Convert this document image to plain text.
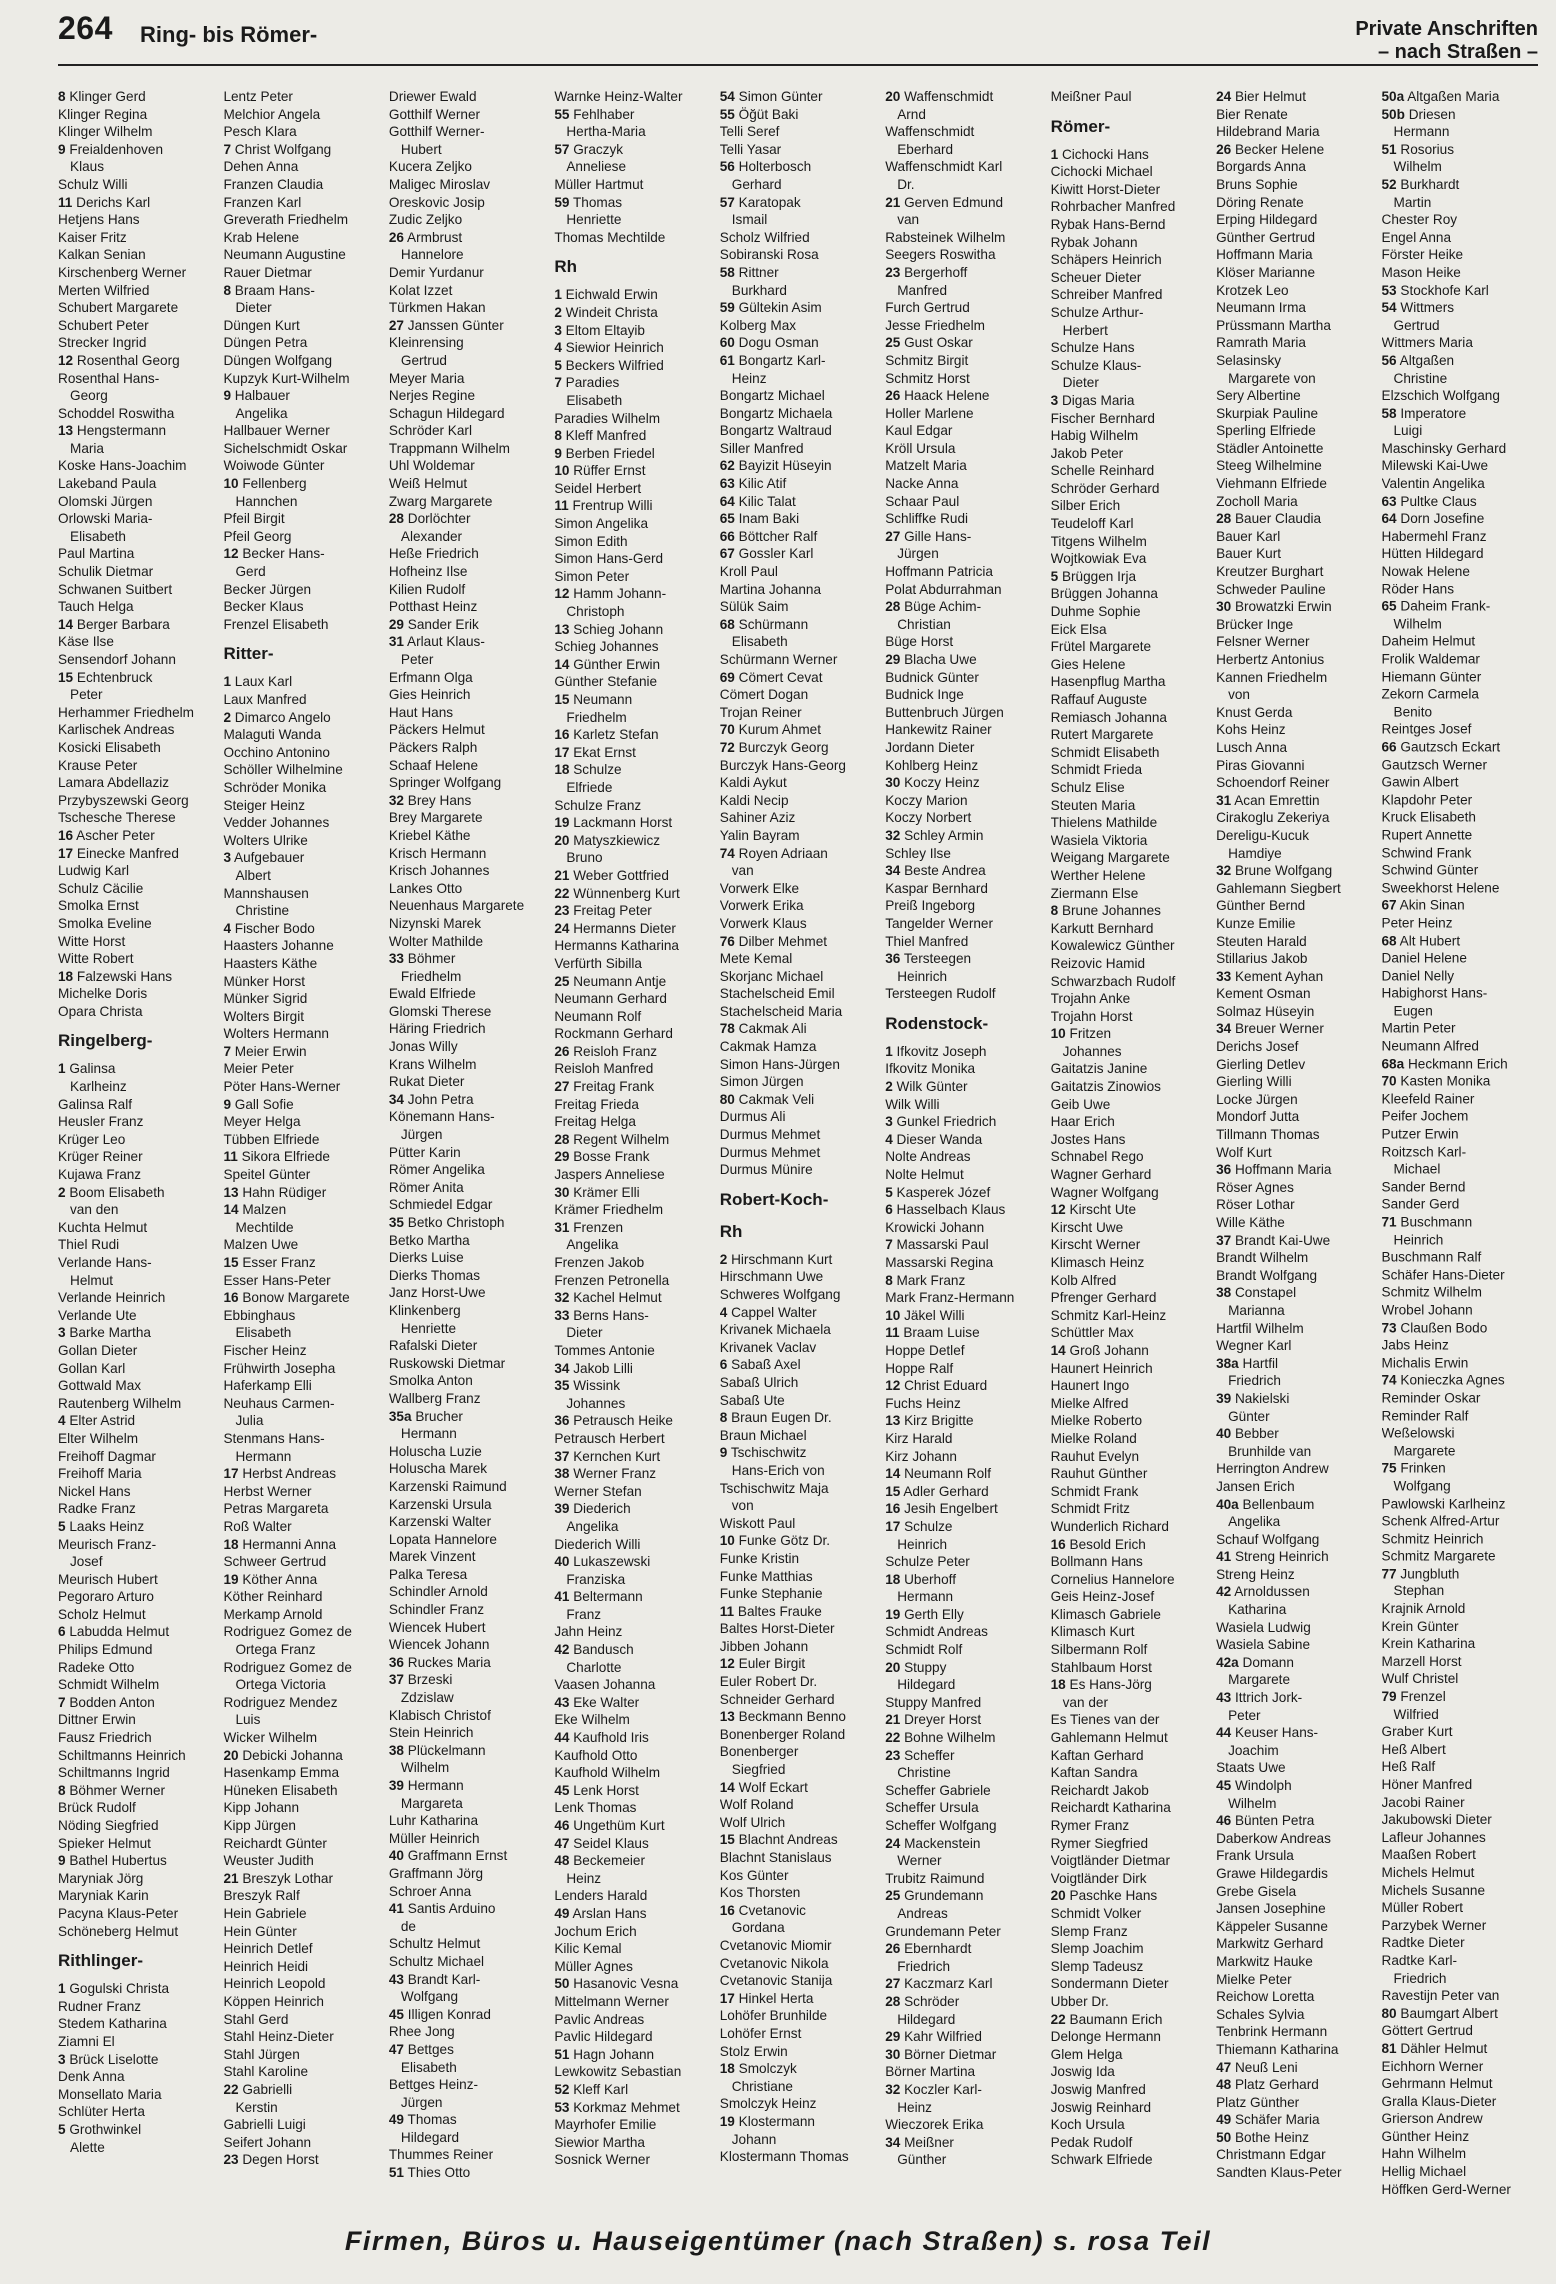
264 Ring- bis Römer-	Private Anschriften
– nach Straßen –
8 Klinger Gerd
Klinger Regina
Klinger Wilhelm
9 Freialdenhoven
Klaus
Schulz Willi
11 Derichs Karl
Hetjens Hans
Kaiser Fritz
Kalkan Senian
Kirschenberg Werner
Merten Wilfried
Schubert Margarete
Schubert Peter
Strecker Ingrid
12 Rosenthal Georg
Rosenthal Hans-
Georg
Schoddel Roswitha
13 Hengstermann
Maria
Koske Hans-Joachim
Lakeband Paula
Olomski Jürgen
Orlowski Maria-
Elisabeth
Paul Martina
Schulik Dietmar
Schwanen Suitbert
Tauch Helga
14 Berger Barbara
Käse Ilse
Sensendorf Johann
15 Echtenbruck
Peter
Herhammer Friedhelm
Karlischek Andreas
Kosicki Elisabeth
Krause Peter
Lamara Abdellaziz
Przybyszewski Georg
Tschesche Therese
16 Ascher Peter
17 Einecke Manfred
Ludwig Karl
Schulz Cäcilie
Smolka Ernst
Smolka Eveline
Witte Horst
Witte Robert
18 Falzewski Hans
Michelke Doris
Opara Christa
Ringelberg-
1 Galinsa
Karlheinz
Galinsa Ralf
Heusler Franz
Krüger Leo
Krüger Reiner
Kujawa Franz
2 Boom Elisabeth
van den
Kuchta Helmut
Thiel Rudi
Verlande Hans-
Helmut
Verlande Heinrich
Verlande Ute
3 Barke Martha
Gollan Dieter
Gollan Karl
Gottwald Max
Rautenberg Wilhelm
4 Elter Astrid
Elter Wilhelm
Freihoff Dagmar
Freihoff Maria
Nickel Hans
Radke Franz
5 Laaks Heinz
Meurisch Franz-
Josef
Meurisch Hubert
Pegoraro Arturo
Scholz Helmut
6 Labudda Helmut
Philips Edmund
Radeke Otto
Schmidt Wilhelm
7 Bodden Anton
Dittner Erwin
Fausz Friedrich
Schiltmanns Heinrich
Schiltmanns Ingrid
8 Böhmer Werner
Brück Rudolf
Nöding Siegfried
Spieker Helmut
9 Bathel Hubertus
Maryniak Jörg
Maryniak Karin
Pacyna Klaus-Peter
Schöneberg Helmut
Rithlinger-
1 Gogulski Christa
Rudner Franz
Stedem Katharina
Ziamni El
3 Brück Liselotte
Denk Anna
Monsellato Maria
Schlüter Herta
5 Grothwinkel
Alette
Lentz Peter
Melchior Angela
Pesch Klara
7 Christ Wolfgang
Dehen Anna
Franzen Claudia
Franzen Karl
Greverath Friedhelm
Krab Helene
Neumann Augustine
Rauer Dietmar
8 Braam Hans-
Dieter
Düngen Kurt
Düngen Petra
Düngen Wolfgang
Kupzyk Kurt-Wilhelm
9 Halbauer
Angelika
Hallbauer Werner
Sichelschmidt Oskar
Woiwode Günter
10 Fellenberg
Hannchen
Pfeil Birgit
Pfeil Georg
12 Becker Hans-
Gerd
Becker Jürgen
Becker Klaus
Frenzel Elisabeth
Ritter-
1 Laux Karl
Laux Manfred
2 Dimarco Angelo
Malaguti Wanda
Occhino Antonino
Schöller Wilhelmine
Schröder Monika
Steiger Heinz
Vedder Johannes
Wolters Ulrike
3 Aufgebauer
Albert
Mannshausen
Christine
4 Fischer Bodo
Haasters Johanne
Haasters Käthe
Münker Horst
Münker Sigrid
Wolters Birgit
Wolters Hermann
7 Meier Erwin
Meier Peter
Pöter Hans-Werner
9 Gall Sofie
Meyer Helga
Tübben Elfriede
11 Sikora Elfriede
Speitel Günter
13 Hahn Rüdiger
14 Malzen
Mechtilde
Malzen Uwe
15 Esser Franz
Esser Hans-Peter
16 Bonow Margarete
Ebbinghaus
Elisabeth
Fischer Heinz
Frühwirth Josepha
Haferkamp Elli
Neuhaus Carmen-
Julia
Stenmans Hans-
Hermann
17 Herbst Andreas
Herbst Werner
Petras Margareta
Roß Walter
18 Hermanni Anna
Schweer Gertrud
19 Köther Anna
Köther Reinhard
Merkamp Arnold
Rodriguez Gomez de
Ortega Franz
Rodriguez Gomez de
Ortega Victoria
Rodriguez Mendez
Luis
Wicker Wilhelm
20 Debicki Johanna
Hasenkamp Emma
Hüneken Elisabeth
Kipp Johann
Kipp Jürgen
Reichardt Günter
Weuster Judith
21 Breszyk Lothar
Breszyk Ralf
Hein Gabriele
Hein Günter
Heinrich Detlef
Heinrich Heidi
Heinrich Leopold
Köppen Heinrich
Stahl Gerd
Stahl Heinz-Dieter
Stahl Jürgen
Stahl Karoline
22 Gabrielli
Kerstin
Gabrielli Luigi
Seifert Johann
23 Degen Horst
Driewer Ewald
Gotthilf Werner
Gotthilf Werner-
Hubert
Kucera Zeljko
Maligec Miroslav
Oreskovic Josip
Zudic Zeljko
26 Armbrust
Hannelore
Demir Yurdanur
Kolat Izzet
Türkmen Hakan
27 Janssen Günter
Kleinrensing
Gertrud
Meyer Maria
Nerjes Regine
Schagun Hildegard
Schröder Karl
Trappmann Wilhelm
Uhl Woldemar
Weiß Helmut
Zwarg Margarete
28 Dorlöchter
Alexander
Heße Friedrich
Hofheinz Ilse
Kilien Rudolf
Potthast Heinz
29 Sander Erik
31 Arlaut Klaus-
Peter
Erfmann Olga
Gies Heinrich
Haut Hans
Päckers Helmut
Päckers Ralph
Schaaf Helene
Springer Wolfgang
32 Brey Hans
Brey Margarete
Kriebel Käthe
Krisch Hermann
Krisch Johannes
Lankes Otto
Neuenhaus Margarete
Nizynski Marek
Wolter Mathilde
33 Böhmer
Friedhelm
Ewald Elfriede
Glomski Therese
Häring Friedrich
Jonas Willy
Krans Wilhelm
Rukat Dieter
34 John Petra
Könemann Hans-
Jürgen
Pütter Karin
Römer Angelika
Römer Anita
Schmiedel Edgar
35 Betko Christoph
Betko Martha
Dierks Luise
Dierks Thomas
Janz Horst-Uwe
Klinkenberg
Henriette
Rafalski Dieter
Ruskowski Dietmar
Smolka Anton
Wallberg Franz
35a Brucher
Hermann
Holuscha Luzie
Holuscha Marek
Karzenski Raimund
Karzenski Ursula
Karzenski Walter
Lopata Hannelore
Marek Vinzent
Palka Teresa
Schindler Arnold
Schindler Franz
Wiencek Hubert
Wiencek Johann
36 Ruckes Maria
37 Brzeski
Zdzislaw
Klabisch Christof
Stein Heinrich
38 Plückelmann
Wilhelm
39 Hermann
Margareta
Luhr Katharina
Müller Heinrich
40 Graffmann Ernst
Graffmann Jörg
Schroer Anna
41 Santis Arduino
de
Schultz Helmut
Schultz Michael
43 Brandt Karl-
Wolfgang
45 Illigen Konrad
Rhee Jong
47 Bettges
Elisabeth
Bettges Heinz-
Jürgen
49 Thomas
Hildegard
Thummes Reiner
51 Thies Otto
Warnke Heinz-Walter
55 Fehlhaber
Hertha-Maria
57 Graczyk
Anneliese
Müller Hartmut
59 Thomas
Henriette
Thomas Mechtilde
Rh
1 Eichwald Erwin
2 Windeit Christa
3 Eltom Eltayib
4 Siewior Heinrich
5 Beckers Wilfried
7 Paradies
Elisabeth
Paradies Wilhelm
8 Kleff Manfred
9 Berben Friedel
10 Rüffer Ernst
Seidel Herbert
11 Frentrup Willi
Simon Angelika
Simon Edith
Simon Hans-Gerd
Simon Peter
12 Hamm Johann-
Christoph
13 Schieg Johann
Schieg Johannes
14 Günther Erwin
Günther Stefanie
15 Neumann
Friedhelm
16 Karletz Stefan
17 Ekat Ernst
18 Schulze
Elfriede
Schulze Franz
19 Lackmann Horst
20 Matyszkiewicz
Bruno
21 Weber Gottfried
22 Wünnenberg Kurt
23 Freitag Peter
24 Hermanns Dieter
Hermanns Katharina
Verfürth Sibilla
25 Neumann Antje
Neumann Gerhard
Neumann Rolf
Rockmann Gerhard
26 Reisloh Franz
Reisloh Manfred
27 Freitag Frank
Freitag Frieda
Freitag Helga
28 Regent Wilhelm
29 Bosse Frank
Jaspers Anneliese
30 Krämer Elli
Krämer Friedhelm
31 Frenzen
Angelika
Frenzen Jakob
Frenzen Petronella
32 Kachel Helmut
33 Berns Hans-
Dieter
Tommes Antonie
34 Jakob Lilli
35 Wissink
Johannes
36 Petrausch Heike
Petrausch Herbert
37 Kernchen Kurt
38 Werner Franz
Werner Stefan
39 Diederich
Angelika
Diederich Willi
40 Lukaszewski
Franziska
41 Beltermann
Franz
Jahn Heinz
42 Bandusch
Charlotte
Vaasen Johanna
43 Eke Walter
Eke Wilhelm
44 Kaufhold Iris
Kaufhold Otto
Kaufhold Wilhelm
45 Lenk Horst
Lenk Thomas
46 Ungethüm Kurt
47 Seidel Klaus
48 Beckemeier
Heinz
Lenders Harald
49 Arslan Hans
Jochum Erich
Kilic Kemal
Müller Agnes
50 Hasanovic Vesna
Mittelmann Werner
Pavlic Andreas
Pavlic Hildegard
51 Hagn Johann
Lewkowitz Sebastian
52 Kleff Karl
53 Korkmaz Mehmet
Mayrhofer Emilie
Siewior Martha
Sosnick Werner
54 Simon Günter
55 Öğüt Baki
Telli Seref
Telli Yasar
56 Holterbosch
Gerhard
57 Karatopak
Ismail
Scholz Wilfried
Sobiranski Rosa
58 Rittner
Burkhard
59 Gültekin Asim
Kolberg Max
60 Dogu Osman
61 Bongartz Karl-
Heinz
Bongartz Michael
Bongartz Michaela
Bongartz Waltraud
Siller Manfred
62 Bayizit Hüseyin
63 Kilic Atif
64 Kilic Talat
65 Inam Baki
66 Böttcher Ralf
67 Gossler Karl
Kroll Paul
Martina Johanna
Sülük Saim
68 Schürmann
Elisabeth
Schürmann Werner
69 Cömert Cevat
Cömert Dogan
Trojan Reiner
70 Kurum Ahmet
72 Burczyk Georg
Burczyk Hans-Georg
Kaldi Aykut
Kaldi Necip
Sahiner Aziz
Yalin Bayram
74 Royen Adriaan
van
Vorwerk Elke
Vorwerk Erika
Vorwerk Klaus
76 Dilber Mehmet
Mete Kemal
Skorjanc Michael
Stachelscheid Emil
Stachelscheid Maria
78 Cakmak Ali
Cakmak Hamza
Simon Hans-Jürgen
Simon Jürgen
80 Cakmak Veli
Durmus Ali
Durmus Mehmet
Durmus Mehmet
Durmus Münire
Robert-Koch-
Rh
2 Hirschmann Kurt
Hirschmann Uwe
Schweres Wolfgang
4 Cappel Walter
Krivanek Michaela
Krivanek Vaclav
6 Sabaß Axel
Sabaß Ulrich
Sabaß Ute
8 Braun Eugen Dr.
Braun Michael
9 Tschischwitz
Hans-Erich von
Tschischwitz Maja
von
Wiskott Paul
10 Funke Götz Dr.
Funke Kristin
Funke Matthias
Funke Stephanie
11 Baltes Frauke
Baltes Horst-Dieter
Jibben Johann
12 Euler Birgit
Euler Robert Dr.
Schneider Gerhard
13 Beckmann Benno
Bonenberger Roland
Bonenberger
Siegfried
14 Wolf Eckart
Wolf Roland
Wolf Ulrich
15 Blachnt Andreas
Blachnt Stanislaus
Kos Günter
Kos Thorsten
16 Cvetanovic
Gordana
Cvetanovic Miomir
Cvetanovic Nikola
Cvetanovic Stanija
17 Hinkel Herta
Lohöfer Brunhilde
Lohöfer Ernst
Stolz Erwin
18 Smolczyk
Christiane
Smolczyk Heinz
19 Klostermann
Johann
Klostermann Thomas
20 Waffenschmidt
Arnd
Waffenschmidt
Eberhard
Waffenschmidt Karl
Dr.
21 Gerven Edmund
van
Rabsteinek Wilhelm
Seegers Roswitha
23 Bergerhoff
Manfred
Furch Gertrud
Jesse Friedhelm
25 Gust Oskar
Schmitz Birgit
Schmitz Horst
26 Haack Helene
Holler Marlene
Kaul Edgar
Kröll Ursula
Matzelt Maria
Nacke Anna
Schaar Paul
Schliffke Rudi
27 Gille Hans-
Jürgen
Hoffmann Patricia
Polat Abdurrahman
28 Büge Achim-
Christian
Büge Horst
29 Blacha Uwe
Budnick Günter
Budnick Inge
Buttenbruch Jürgen
Hankewitz Rainer
Jordann Dieter
Kohlberg Heinz
30 Koczy Heinz
Koczy Marion
Koczy Norbert
32 Schley Armin
Schley Ilse
34 Beste Andrea
Kaspar Bernhard
Preiß Ingeborg
Tangelder Werner
Thiel Manfred
36 Tersteegen
Heinrich
Tersteegen Rudolf
Rodenstock-
1 Ifkovitz Joseph
Ifkovitz Monika
2 Wilk Günter
Wilk Willi
3 Gunkel Friedrich
4 Dieser Wanda
Nolte Andreas
Nolte Helmut
5 Kasperek Józef
6 Hasselbach Klaus
Krowicki Johann
7 Massarski Paul
Massarski Regina
8 Mark Franz
Mark Franz-Hermann
10 Jäkel Willi
11 Braam Luise
Hoppe Detlef
Hoppe Ralf
12 Christ Eduard
Fuchs Heinz
13 Kirz Brigitte
Kirz Harald
Kirz Johann
14 Neumann Rolf
15 Adler Gerhard
16 Jesih Engelbert
17 Schulze
Heinrich
Schulze Peter
18 Uberhoff
Hermann
19 Gerth Elly
Schmidt Andreas
Schmidt Rolf
20 Stuppy
Hildegard
Stuppy Manfred
21 Dreyer Horst
22 Bohne Wilhelm
23 Scheffer
Christine
Scheffer Gabriele
Scheffer Ursula
Scheffer Wolfgang
24 Mackenstein
Werner
Trubitz Raimund
25 Grundemann
Andreas
Grundemann Peter
26 Ebernhardt
Friedrich
27 Kaczmarz Karl
28 Schröder
Hildegard
29 Kahr Wilfried
30 Börner Dietmar
Börner Martina
32 Koczler Karl-
Heinz
Wieczorek Erika
34 Meißner
Günther
Meißner Paul
Römer-
1 Cichocki Hans
Cichocki Michael
Kiwitt Horst-Dieter
Rohrbacher Manfred
Rybak Hans-Bernd
Rybak Johann
Schäpers Heinrich
Scheuer Dieter
Schreiber Manfred
Schulze Arthur-
Herbert
Schulze Hans
Schulze Klaus-
Dieter
3 Digas Maria
Fischer Bernhard
Habig Wilhelm
Jakob Peter
Schelle Reinhard
Schröder Gerhard
Silber Erich
Teudeloff Karl
Titgens Wilhelm
Wojtkowiak Eva
5 Brüggen Irja
Brüggen Johanna
Duhme Sophie
Eick Elsa
Frütel Margarete
Gies Helene
Hasenpflug Martha
Raffauf Auguste
Remiasch Johanna
Rutert Margarete
Schmidt Elisabeth
Schmidt Frieda
Schulz Elise
Steuten Maria
Thielens Mathilde
Wasiela Viktoria
Weigang Margarete
Werther Helene
Ziermann Else
8 Brune Johannes
Karkutt Bernhard
Kowalewicz Günther
Reizovic Hamid
Schwarzbach Rudolf
Trojahn Anke
Trojahn Horst
10 Fritzen
Johannes
Gaitatzis Janine
Gaitatzis Zinowios
Geib Uwe
Haar Erich
Jostes Hans
Schnabel Rego
Wagner Gerhard
Wagner Wolfgang
12 Kirscht Ute
Kirscht Uwe
Kirscht Werner
Klimasch Heinz
Kolb Alfred
Pfrenger Gerhard
Schmitz Karl-Heinz
Schüttler Max
14 Groß Johann
Haunert Heinrich
Haunert Ingo
Mielke Alfred
Mielke Roberto
Mielke Roland
Rauhut Evelyn
Rauhut Günther
Schmidt Frank
Schmidt Fritz
Wunderlich Richard
16 Besold Erich
Bollmann Hans
Cornelius Hannelore
Geis Heinz-Josef
Klimasch Gabriele
Klimasch Kurt
Silbermann Rolf
Stahlbaum Horst
18 Es Hans-Jörg
van der
Es Tienes van der
Gahlemann Helmut
Kaftan Gerhard
Kaftan Sandra
Reichardt Jakob
Reichardt Katharina
Rymer Franz
Rymer Siegfried
Voigtländer Dietmar
Voigtländer Dirk
20 Paschke Hans
Schmidt Volker
Slemp Franz
Slemp Joachim
Slemp Tadeusz
Sondermann Dieter
Ubber Dr.
22 Baumann Erich
Delonge Hermann
Glem Helga
Joswig Ida
Joswig Manfred
Joswig Reinhard
Koch Ursula
Pedak Rudolf
Schwark Elfriede
24 Bier Helmut
Bier Renate
Hildebrand Maria
26 Becker Helene
Borgards Anna
Bruns Sophie
Döring Renate
Erping Hildegard
Günther Gertrud
Hoffmann Maria
Klöser Marianne
Krotzek Leo
Neumann Irma
Prüssmann Martha
Ramrath Maria
Selasinsky
Margarete von
Sery Albertine
Skurpiak Pauline
Sperling Elfriede
Städler Antoinette
Steeg Wilhelmine
Viehmann Elfriede
Zocholl Maria
28 Bauer Claudia
Bauer Karl
Bauer Kurt
Kreutzer Burghart
Schweder Pauline
30 Browatzki Erwin
Brücker Inge
Felsner Werner
Herbertz Antonius
Kannen Friedhelm
von
Knust Gerda
Kohs Heinz
Lusch Anna
Piras Giovanni
Schoendorf Reiner
31 Acan Emrettin
Cirakoglu Zekeriya
Dereligu-Kucuk
Hamdiye
32 Brune Wolfgang
Gahlemann Siegbert
Günther Bernd
Kunze Emilie
Steuten Harald
Stillarius Jakob
33 Kement Ayhan
Kement Osman
Solmaz Hüseyin
34 Breuer Werner
Derichs Josef
Gierling Detlev
Gierling Willi
Locke Jürgen
Mondorf Jutta
Tillmann Thomas
Wolf Kurt
36 Hoffmann Maria
Röser Agnes
Röser Lothar
Wille Käthe
37 Brandt Kai-Uwe
Brandt Wilhelm
Brandt Wolfgang
38 Constapel
Marianna
Hartfil Wilhelm
Wegner Karl
38a Hartfil
Friedrich
39 Nakielski
Günter
40 Bebber
Brunhilde van
Herrington Andrew
Jansen Erich
40a Bellenbaum
Angelika
Schauf Wolfgang
41 Streng Heinrich
Streng Heinz
42 Arnoldussen
Katharina
Wasiela Ludwig
Wasiela Sabine
42a Domann
Margarete
43 Ittrich Jork-
Peter
44 Keuser Hans-
Joachim
Staats Uwe
45 Windolph
Wilhelm
46 Bünten Petra
Daberkow Andreas
Frank Ursula
Grawe Hildegardis
Grebe Gisela
Jansen Josephine
Käppeler Susanne
Markwitz Gerhard
Markwitz Hauke
Mielke Peter
Reichow Loretta
Schales Sylvia
Tenbrink Hermann
Thiemann Katharina
47 Neuß Leni
48 Platz Gerhard
Platz Günther
49 Schäfer Maria
50 Bothe Heinz
Christmann Edgar
Sandten Klaus-Peter
50a Altgaßen Maria
50b Driesen
Hermann
51 Rosorius
Wilhelm
52 Burkhardt
Martin
Chester Roy
Engel Anna
Förster Heike
Mason Heike
53 Stockhofe Karl
54 Wittmers
Gertrud
Wittmers Maria
56 Altgaßen
Christine
Elzschich Wolfgang
58 Imperatore
Luigi
Maschinsky Gerhard
Milewski Kai-Uwe
Valentin Angelika
63 Pultke Claus
64 Dorn Josefine
Habermehl Franz
Hütten Hildegard
Nowak Helene
Röder Hans
65 Daheim Frank-
Wilhelm
Daheim Helmut
Frolik Waldemar
Hiemann Günter
Zekorn Carmela
Benito
Reintges Josef
66 Gautzsch Eckart
Gautzsch Werner
Gawin Albert
Klapdohr Peter
Kruck Elisabeth
Rupert Annette
Schwind Frank
Schwind Günter
Sweekhorst Helene
67 Akin Sinan
Peter Heinz
68 Alt Hubert
Daniel Helene
Daniel Nelly
Habighorst Hans-
Eugen
Martin Peter
Neumann Alfred
68a Heckmann Erich
70 Kasten Monika
Kleefeld Rainer
Peifer Jochem
Putzer Erwin
Roitzsch Karl-
Michael
Sander Bernd
Sander Gerd
71 Buschmann
Heinrich
Buschmann Ralf
Schäfer Hans-Dieter
Schmitz Wilhelm
Wrobel Johann
73 Claußen Bodo
Jabs Heinz
Michalis Erwin
74 Konieczka Agnes
Reminder Oskar
Reminder Ralf
Weßelowski
Margarete
75 Frinken
Wolfgang
Pawlowski Karlheinz
Schenk Alfred-Artur
Schmitz Heinrich
Schmitz Margarete
77 Jungbluth
Stephan
Krajnik Arnold
Krein Günter
Krein Katharina
Marzell Horst
Wulf Christel
79 Frenzel
Wilfried
Graber Kurt
Heß Albert
Heß Ralf
Höner Manfred
Jacobi Rainer
Jakubowski Dieter
Lafleur Johannes
Maaßen Robert
Michels Helmut
Michels Susanne
Müller Robert
Parzybek Werner
Radtke Dieter
Radtke Karl-
Friedrich
Ravestijn Peter van
80 Baumgart Albert
Göttert Gertrud
81 Dähler Helmut
Eichhorn Werner
Gehrmann Helmut
Gralla Klaus-Dieter
Grierson Andrew
Günther Heinz
Hahn Wilhelm
Hellig Michael
Höffken Gerd-Werner
Firmen, Büros u. Hauseigentümer (nach Straßen) s. rosa Teil
